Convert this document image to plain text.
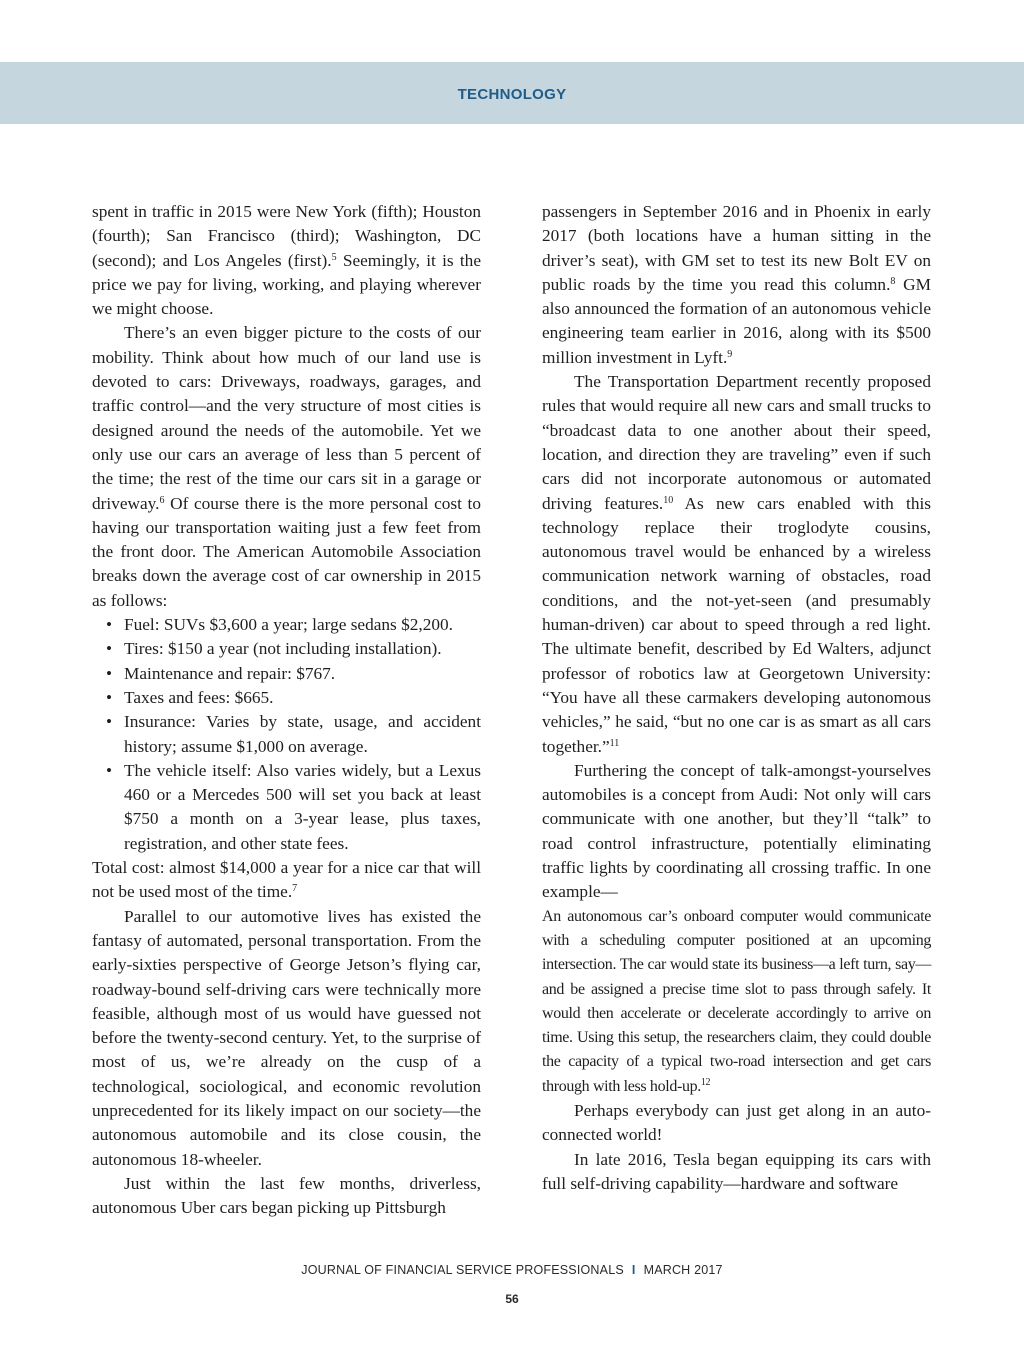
TECHNOLOGY

spent in traffic in 2015 were New York (fifth); Houston (fourth); San Francisco (third); Washington, DC (second); and Los Angeles (first).$^5$ Seemingly, it is the price we pay for living, working, and playing wherever we might choose.

There’s an even bigger picture to the costs of our mobility. Think about how much of our land use is devoted to cars: Driveways, roadways, garages, and traffic control—and the very structure of most cities is designed around the needs of the automobile. Yet we only use our cars an average of less than 5 percent of the time; the rest of the time our cars sit in a garage or driveway.$^6$ Of course there is the more personal cost to having our transportation waiting just a few feet from the front door. The American Automobile Association breaks down the average cost of car ownership in 2015 as follows:

• Fuel: SUVs $3,600 a year; large sedans $2,200.
• Tires: $150 a year (not including installation).
• Maintenance and repair: $767.
• Taxes and fees: $665.
• Insurance: Varies by state, usage, and accident history; assume $1,000 on average.
• The vehicle itself: Also varies widely, but a Lexus 460 or a Mercedes 500 will set you back at least $750 a month on a 3-year lease, plus taxes, registration, and other state fees.

Total cost: almost $14,000 a year for a nice car that will not be used most of the time.$^7$

Parallel to our automotive lives has existed the fantasy of automated, personal transportation. From the early-sixties perspective of George Jetson’s flying car, roadway-bound self-driving cars were technically more feasible, although most of us would have guessed not before the twenty-second century. Yet, to the surprise of most of us, we’re already on the cusp of a technological, sociological, and economic revolution unprecedented for its likely impact on our society—the autonomous automobile and its close cousin, the autonomous 18-wheeler.

Just within the last few months, driverless, autonomous Uber cars began picking up Pittsburgh

passengers in September 2016 and in Phoenix in early 2017 (both locations have a human sitting in the driver’s seat), with GM set to test its new Bolt EV on public roads by the time you read this column.$^8$ GM also announced the formation of an autonomous vehicle engineering team earlier in 2016, along with its $500 million investment in Lyft.$^9$

The Transportation Department recently proposed rules that would require all new cars and small trucks to “broadcast data to one another about their speed, location, and direction they are traveling” even if such cars did not incorporate autonomous or automated driving features.$^{10}$ As new cars enabled with this technology replace their troglodyte cousins, autonomous travel would be enhanced by a wireless communication network warning of obstacles, road conditions, and the not-yet-seen (and presumably human-driven) car about to speed through a red light. The ultimate benefit, described by Ed Walters, adjunct professor of robotics law at Georgetown University: “You have all these carmakers developing autonomous vehicles,” he said, “but no one car is as smart as all cars together.”$^{11}$

Furthering the concept of talk-amongst-yourselves automobiles is a concept from Audi: Not only will cars communicate with one another, but they’ll “talk” to road control infrastructure, potentially eliminating traffic lights by coordinating all crossing traffic. In one example—

An autonomous car’s onboard computer would communicate with a scheduling computer positioned at an upcoming intersection. The car would state its business—a left turn, say—and be assigned a precise time slot to pass through safely. It would then accelerate or decelerate accordingly to arrive on time. Using this setup, the researchers claim, they could double the capacity of a typical two-road intersection and get cars through with less hold-up.$^{12}$

Perhaps everybody can just get along in an auto-connected world!

In late 2016, Tesla began equipping its cars with full self-driving capability—hardware and software

JOURNAL OF FINANCIAL SERVICE PROFESSIONALS I MARCH 2017
56
